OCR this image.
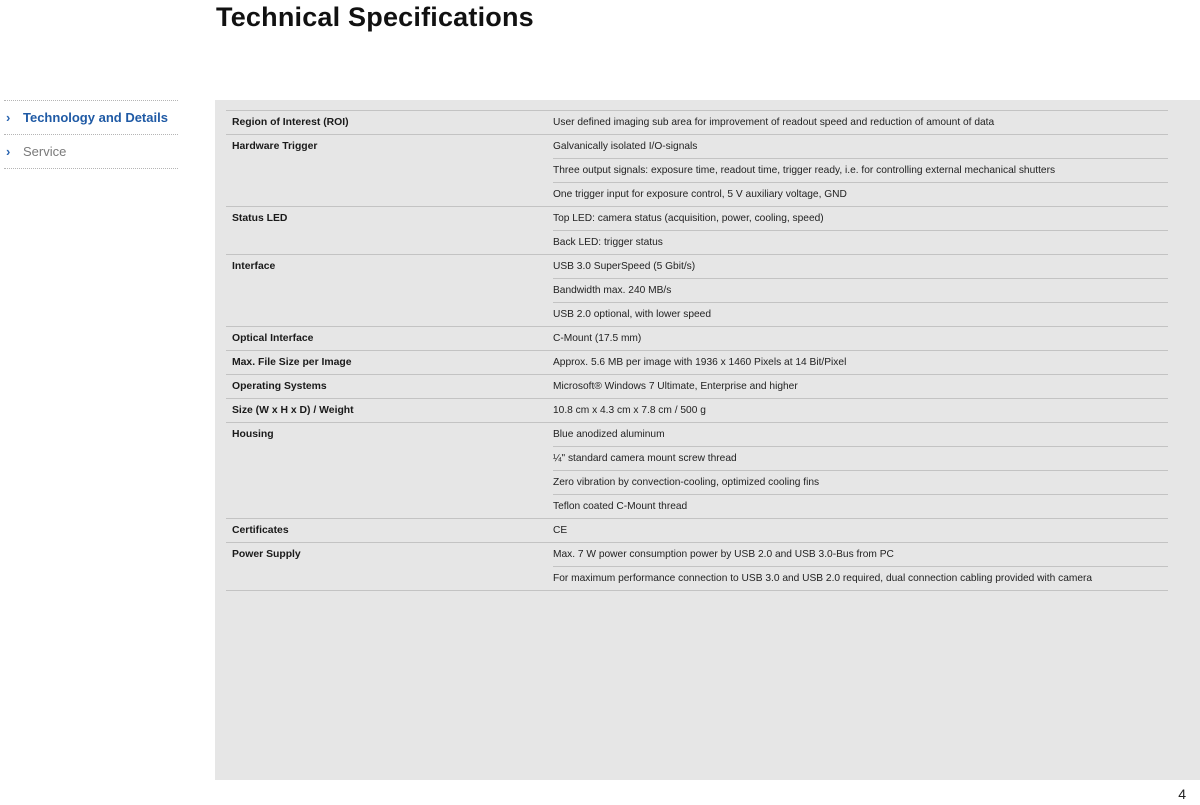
Technical Specifications
› Technology and Details
› Service
Region of Interest (ROI)	User defined imaging sub area for improvement of readout speed and reduction of amount of data
Hardware Trigger	Galvanically isolated I/O-signals
Three output signals: exposure time, readout time, trigger ready, i.e. for controlling external mechanical shutters
One trigger input for exposure control, 5 V auxiliary voltage, GND
Status LED	Top LED: camera status (acquisition, power, cooling, speed)
Back LED: trigger status
Interface	USB 3.0 SuperSpeed (5 Gbit/s)
Bandwidth max. 240 MB/s
USB 2.0 optional, with lower speed
Optical Interface	C-Mount (17.5 mm)
Max. File Size per Image	Approx. 5.6 MB per image with 1936 x 1460 Pixels at 14 Bit/Pixel
Operating Systems	Microsoft® Windows 7 Ultimate, Enterprise and higher
Size (W x H x D) / Weight	10.8 cm x 4.3 cm x 7.8 cm / 500 g
Housing	Blue anodized aluminum
¼" standard camera mount screw thread
Zero vibration by convection-cooling, optimized cooling fins
Teflon coated C-Mount thread
Certificates	CE
Power Supply	Max. 7 W power consumption power by USB 2.0 and USB 3.0-Bus from PC
For maximum performance connection to USB 3.0 and USB 2.0 required, dual connection cabling provided with camera
4
